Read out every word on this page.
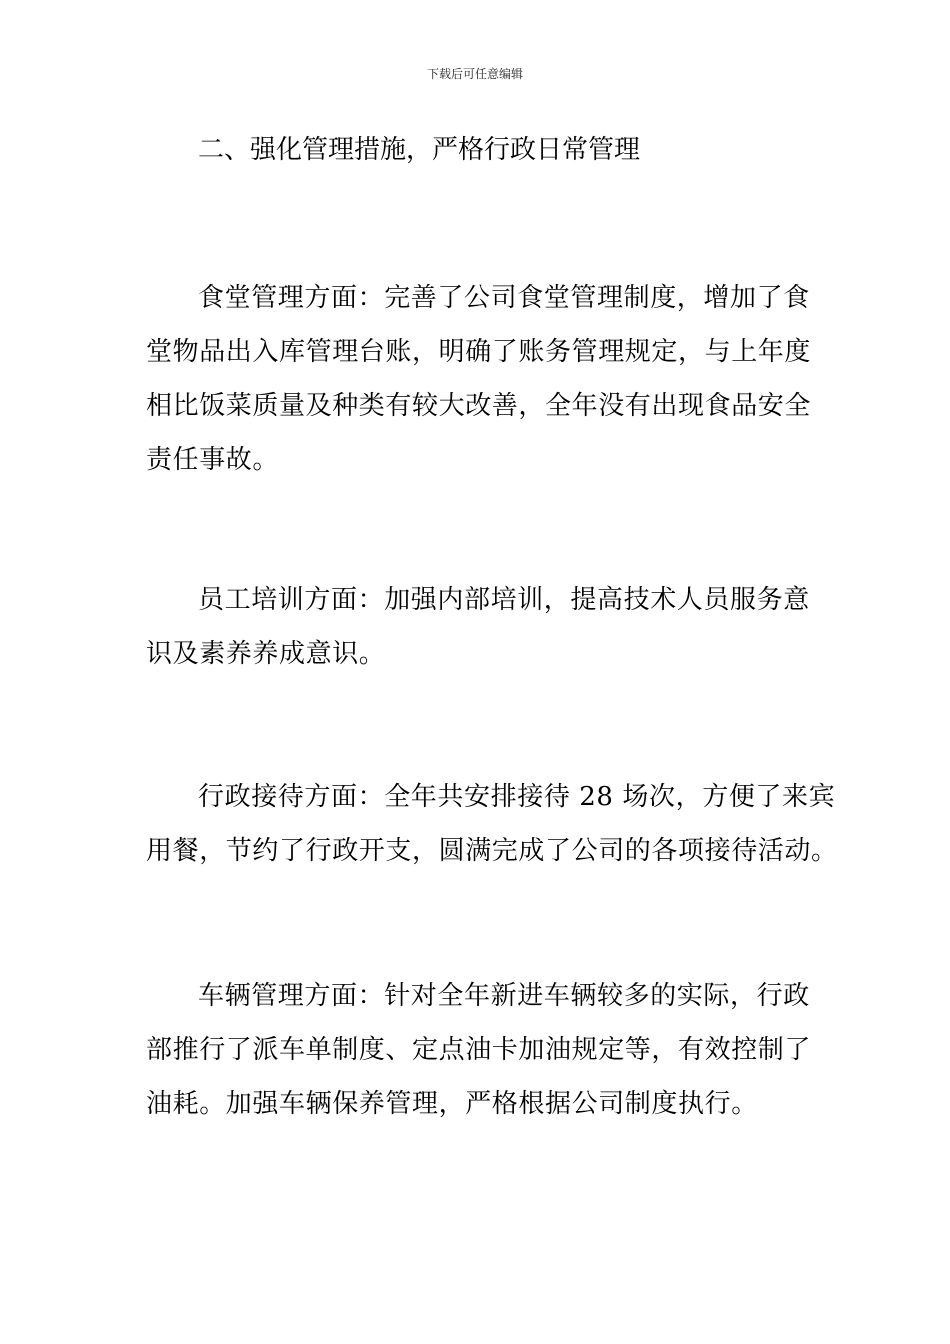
下载后可任意编辑
二、强化管理措施，严格行政日常管理
食堂管理方面：完善了公司食堂管理制度，增加了食
堂物品出入库管理台账，明确了账务管理规定，与上年度
相比饭菜质量及种类有较大改善，全年没有出现食品安全
责任事故。
员工培训方面：加强内部培训，提高技术人员服务意
识及素养养成意识。
行政接待方面：全年共安排接待 28 场次，方便了来宾
用餐，节约了行政开支，圆满完成了公司的各项接待活动。
车辆管理方面：针对全年新进车辆较多的实际，行政
部推行了派车单制度、定点油卡加油规定等，有效控制了
油耗。加强车辆保养管理，严格根据公司制度执行。
